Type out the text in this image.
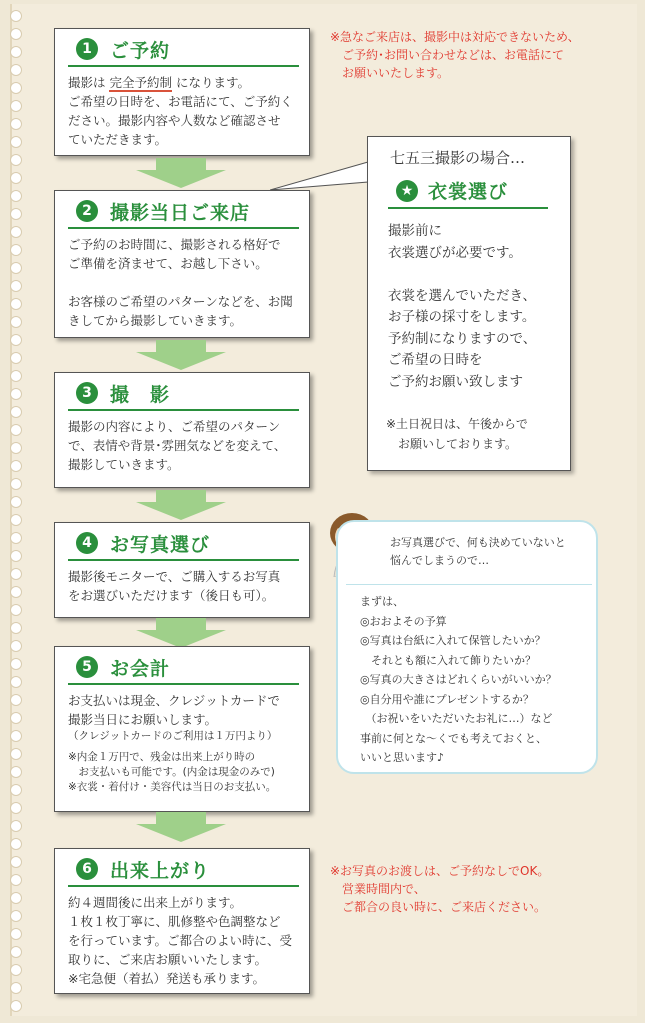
1 ご予約
撮影は 完全予約制 になります。
ご希望の日時を、お電話にて、ご予約く
ださい。撮影内容や人数など確認させ
ていただきます。
2 撮影当日ご来店
ご予約のお時間に、撮影される格好で
ご準備を済ませて、お越し下さい。

お客様のご希望のパターンなどを、お聞
きしてから撮影していきます。
3 撮　影
撮影の内容により、ご希望のパターン
で、表情や背景･雰囲気などを変えて、
撮影していきます。
4 お写真選び
撮影後モニターで、ご購入するお写真
をお選びいただけます（後日も可）。
5 お会計
お支払いは現金、クレジットカードで
撮影当日にお願いします。
（クレジットカードのご利用は１万円より）
※内金１万円で、残金は出来上がり時の
　お支払いも可能です。(内金は現金のみで)
※衣裳・着付け・美容代は当日のお支払い。
6 出来上がり
約４週間後に出来上がります。
１枚１枚丁寧に、肌修整や色調整など
を行っています。ご都合のよい時に、受
取りに、ご来店お願いいたします。
※宅急便（着払）発送も承ります。
※急なご来店は、撮影中は対応できないため、
　ご予約･お問い合わせなどは、お電話にて
　お願いいたします。
※お写真のお渡しは、ご予約なしでOK。
　営業時間内で、
　ご都合の良い時に、ご来店ください。
七五三撮影の場合…
★ 衣裳選び
撮影前に
衣裳選びが必要です。

衣裳を選んでいただき、
お子様の採寸をします。
予約制になりますので、
ご希望の日時を
ご予約お願い致します
※土日祝日は、午後からで
　お願いしております。
お写真選びで、何も決めていないと
悩んでしまうので…
まずは、
◎おおよその予算
◎写真は台紙に入れて保管したいか？
　それとも額に入れて飾りたいか？
◎写真の大きさはどれくらいがいいか？
◎自分用や誰にプレゼントするか？
　（お祝いをいただいたお礼に…）など
事前に何とな～くでも考えておくと、
いいと思います♪
